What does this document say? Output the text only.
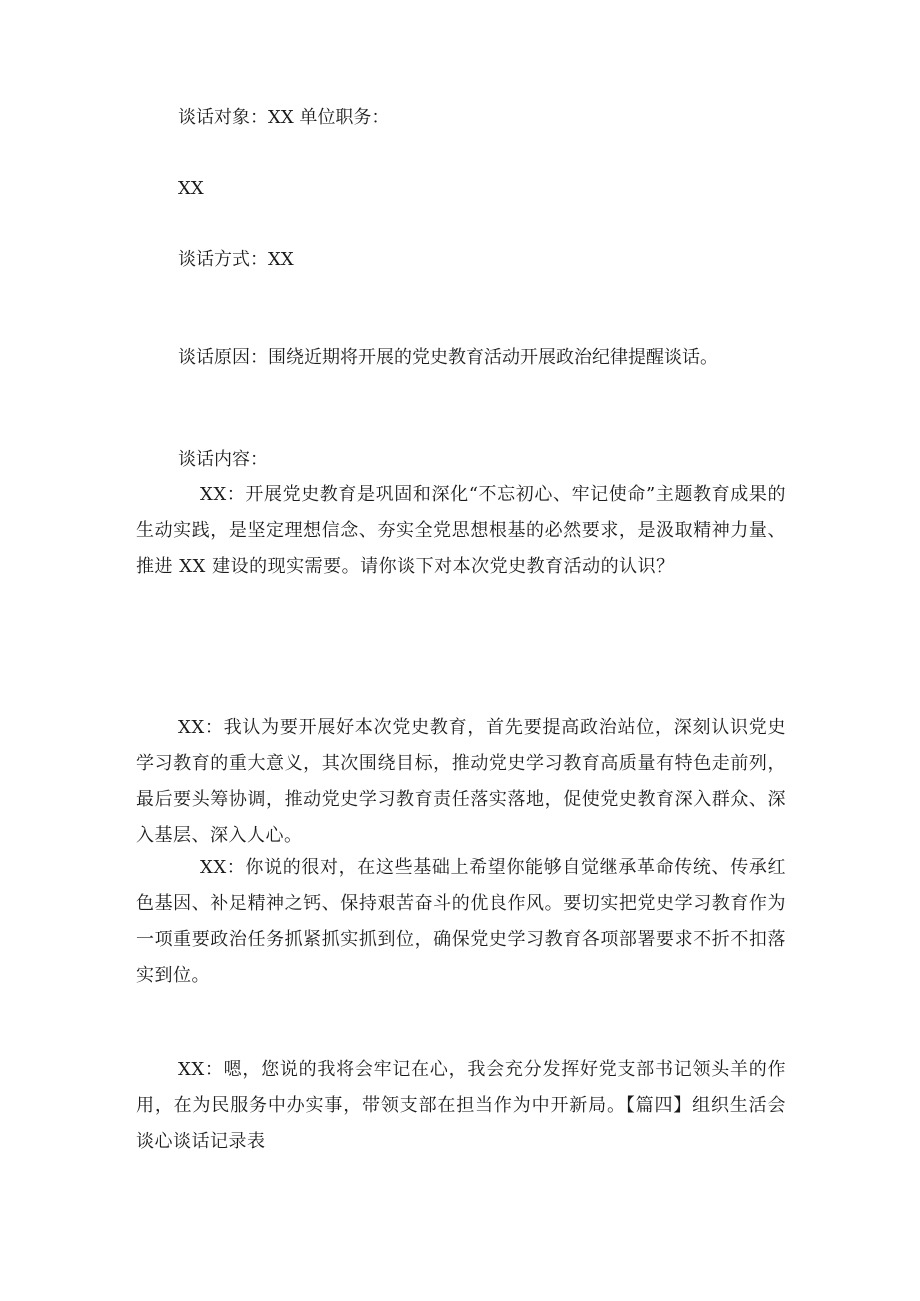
谈话对象：XX 单位职务：
XX
谈话方式：XX
谈话原因：围绕近期将开展的党史教育活动开展政治纪律提醒谈话。
谈话内容：
XX：开展党史教育是巩固和深化“不忘初心、牢记使命”主题教育成果的生动实践，是坚定理想信念、夯实全党思想根基的必然要求，是汲取精神力量、推进 XX 建设的现实需要。请你谈下对本次党史教育活动的认识？
XX：我认为要开展好本次党史教育，首先要提高政治站位，深刻认识党史学习教育的重大意义，其次围绕目标，推动党史学习教育高质量有特色走前列，最后要头筹协调，推动党史学习教育责任落实落地，促使党史教育深入群众、深入基层、深入人心。
XX：你说的很对，在这些基础上希望你能够自觉继承革命传统、传承红色基因、补足精神之钙、保持艰苦奋斗的优良作风。要切实把党史学习教育作为一项重要政治任务抓紧抓实抓到位，确保党史学习教育各项部署要求不折不扣落实到位。
XX：嗯，您说的我将会牢记在心，我会充分发挥好党支部书记领头羊的作用，在为民服务中办实事，带领支部在担当作为中开新局。【篇四】组织生活会谈心谈话记录表
